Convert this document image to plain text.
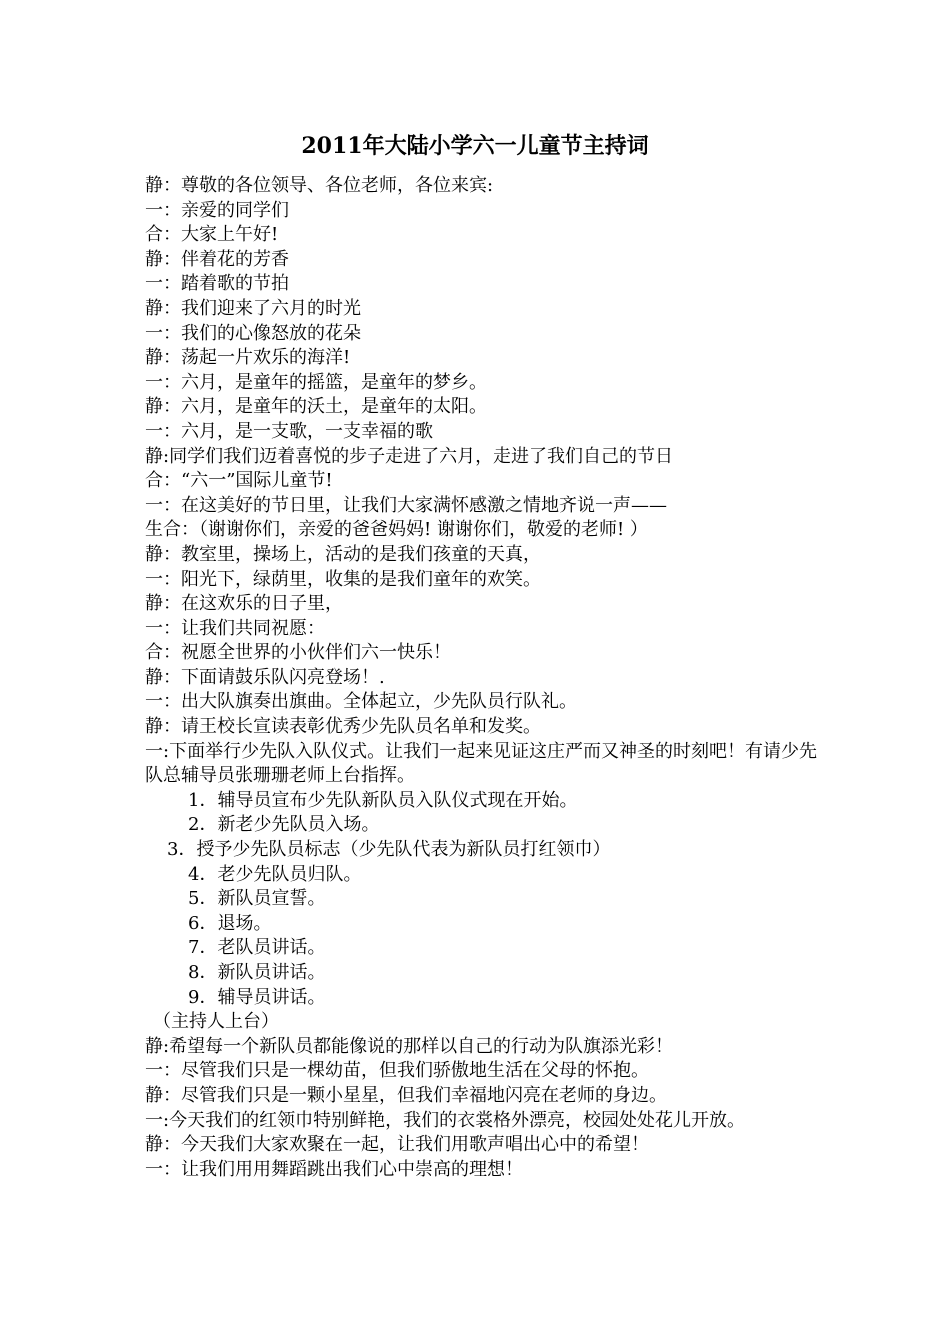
2011年大陆小学六一儿童节主持词
静：尊敬的各位领导、各位老师，各位来宾:
一：亲爱的同学们
合：大家上午好!
静：伴着花的芳香
一：踏着歌的节拍
静：我们迎来了六月的时光
一：我们的心像怒放的花朵
静：荡起一片欢乐的海洋!
一：六月，是童年的摇篮，是童年的梦乡。
静：六月，是童年的沃土，是童年的太阳。
一：六月，是一支歌，一支幸福的歌
静:同学们我们迈着喜悦的步子走进了六月，走进了我们自己的节日
合：“六一”国际儿童节!
一：在这美好的节日里，让我们大家满怀感激之情地齐说一声——
生合：（谢谢你们，亲爱的爸爸妈妈! 谢谢你们，敬爱的老师! ）
静：教室里，操场上，活动的是我们孩童的天真，
一：阳光下，绿荫里，收集的是我们童年的欢笑。
静：在这欢乐的日子里，
一：让我们共同祝愿：
合：祝愿全世界的小伙伴们六一快乐！
静：下面请鼓乐队闪亮登场！.
一：出大队旗奏出旗曲。全体起立，少先队员行队礼。
静：请王校长宣读表彰优秀少先队员名单和发奖。
一:下面举行少先队入队仪式。让我们一起来见证这庄严而又神圣的时刻吧！有请少先队总辅导员张珊珊老师上台指挥。
1．辅导员宣布少先队新队员入队仪式现在开始。
2．新老少先队员入场。
3．授予少先队员标志（少先队代表为新队员打红领巾）
4．老少先队员归队。
5．新队员宣誓。
6．退场。
7．老队员讲话。
8．新队员讲话。
9．辅导员讲话。
（主持人上台）
静:希望每一个新队员都能像说的那样以自己的行动为队旗添光彩！
一：尽管我们只是一棵幼苗，但我们骄傲地生活在父母的怀抱。
静：尽管我们只是一颗小星星，但我们幸福地闪亮在老师的身边。
一:今天我们的红领巾特别鲜艳，我们的衣裳格外漂亮，校园处处花儿开放。
静：今天我们大家欢聚在一起，让我们用歌声唱出心中的希望！
一：让我们用用舞蹈跳出我们心中崇高的理想！
